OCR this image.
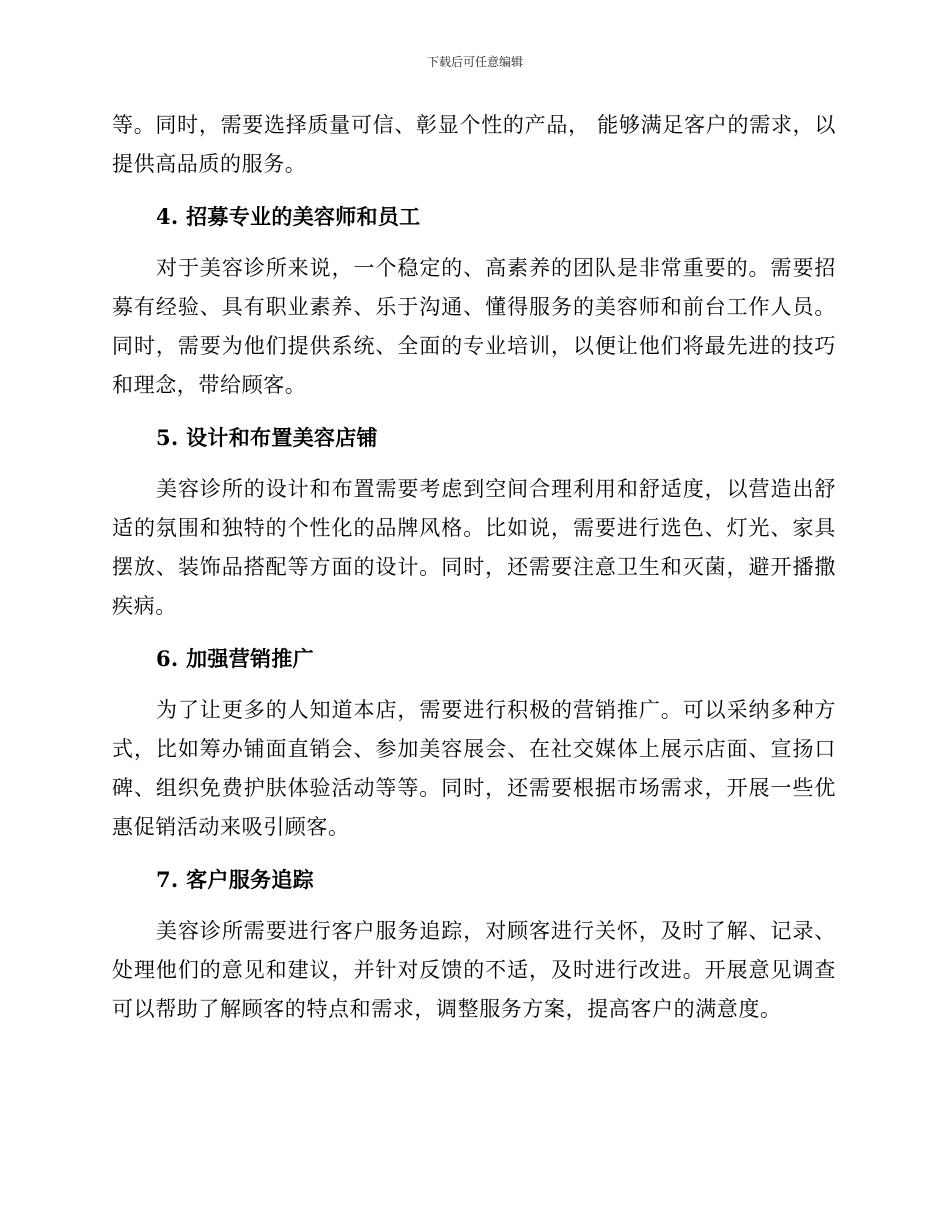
下载后可任意编辑

等。同时，需要选择质量可信、彰显个性的产品， 能够满足客户的需求，以提供高品质的服务。

4. 招募专业的美容师和员工

对于美容诊所来说，一个稳定的、高素养的团队是非常重要的。需要招募有经验、具有职业素养、乐于沟通、懂得服务的美容师和前台工作人员。同时，需要为他们提供系统、全面的专业培训，以便让他们将最先进的技巧和理念，带给顾客。

5. 设计和布置美容店铺

美容诊所的设计和布置需要考虑到空间合理利用和舒适度，以营造出舒适的氛围和独特的个性化的品牌风格。比如说，需要进行选色、灯光、家具摆放、装饰品搭配等方面的设计。同时，还需要注意卫生和灭菌，避开播撒疾病。

6. 加强营销推广

为了让更多的人知道本店，需要进行积极的营销推广。可以采纳多种方式，比如筹办铺面直销会、参加美容展会、在社交媒体上展示店面、宣扬口碑、组织免费护肤体验活动等等。同时，还需要根据市场需求，开展一些优惠促销活动来吸引顾客。

7. 客户服务追踪

美容诊所需要进行客户服务追踪，对顾客进行关怀，及时了解、记录、处理他们的意见和建议，并针对反馈的不适，及时进行改进。开展意见调查可以帮助了解顾客的特点和需求，调整服务方案，提高客户的满意度。
